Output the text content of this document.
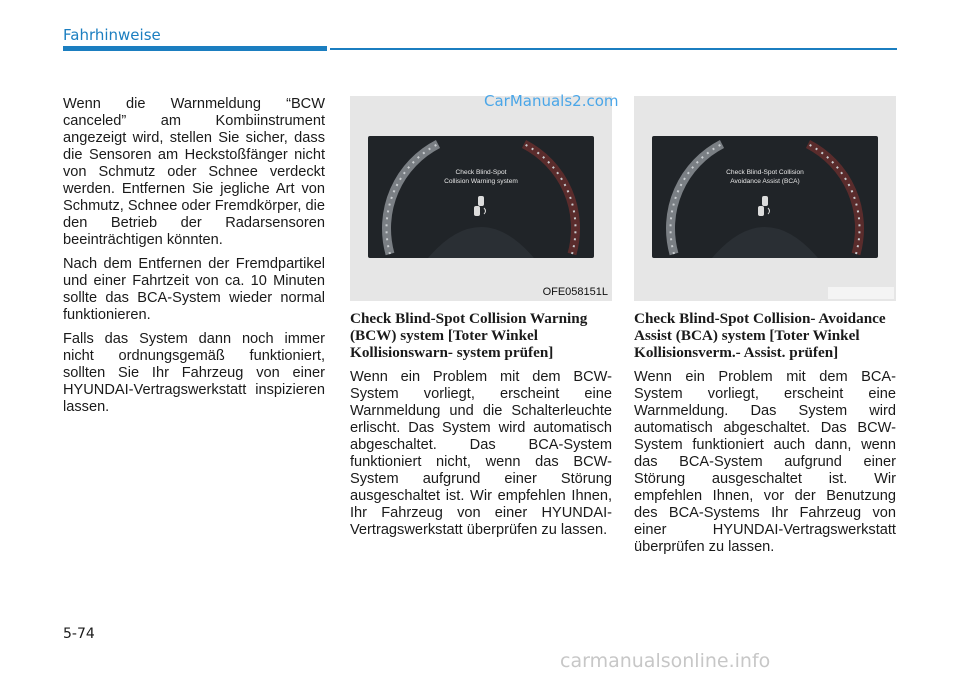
Fahrhinweise

Wenn die Warnmeldung “BCW canceled” am Kombiinstrument angezeigt wird, stellen Sie sicher, dass die Sensoren am Heckstoßfänger nicht von Schmutz oder Schnee verdeckt werden. Entfernen Sie jegliche Art von Schmutz, Schnee oder Fremdkörper, die den Betrieb der Radarsensoren beeinträchtigen könnten.

Nach dem Entfernen der Fremdpartikel und einer Fahrtzeit von ca. 10 Minuten sollte das BCA-System wieder normal funktionieren.

Falls das System dann noch immer nicht ordnungsgemäß funktioniert, sollten Sie Ihr Fahrzeug von einer HYUNDAI-Vertragswerkstatt inspizieren lassen.

Check Blind-Spot
Collision Warning system
OFE058151L
Check Blind-Spot Collision
Avoidance Assist (BCA)
CarManuals2.com
Check Blind-Spot Collision Warning (BCW) system [Toter Winkel Kollisionswarn- system prüfen]

Wenn ein Problem mit dem BCW-System vorliegt, erscheint eine Warnmeldung und die Schalterleuchte erlischt. Das System wird automatisch abgeschaltet. Das BCA-System funktioniert nicht, wenn das BCW-System aufgrund einer Störung ausgeschaltet ist. Wir empfehlen Ihnen, Ihr Fahrzeug von einer HYUNDAI-Vertragswerkstatt überprüfen zu lassen.

Check Blind-Spot Collision- Avoidance Assist (BCA) system [Toter Winkel Kollisionsverm.- Assist. prüfen]

Wenn ein Problem mit dem BCA-System vorliegt, erscheint eine Warnmeldung. Das System wird automatisch abgeschaltet. Das BCW-System funktioniert auch dann, wenn das BCA-System aufgrund einer Störung ausgeschaltet ist. Wir empfehlen Ihnen, vor der Benutzung des BCA-Systems Ihr Fahrzeug von einer HYUNDAI-Vertragswerkstatt überprüfen zu lassen.

5-74
carmanualsonline.info
